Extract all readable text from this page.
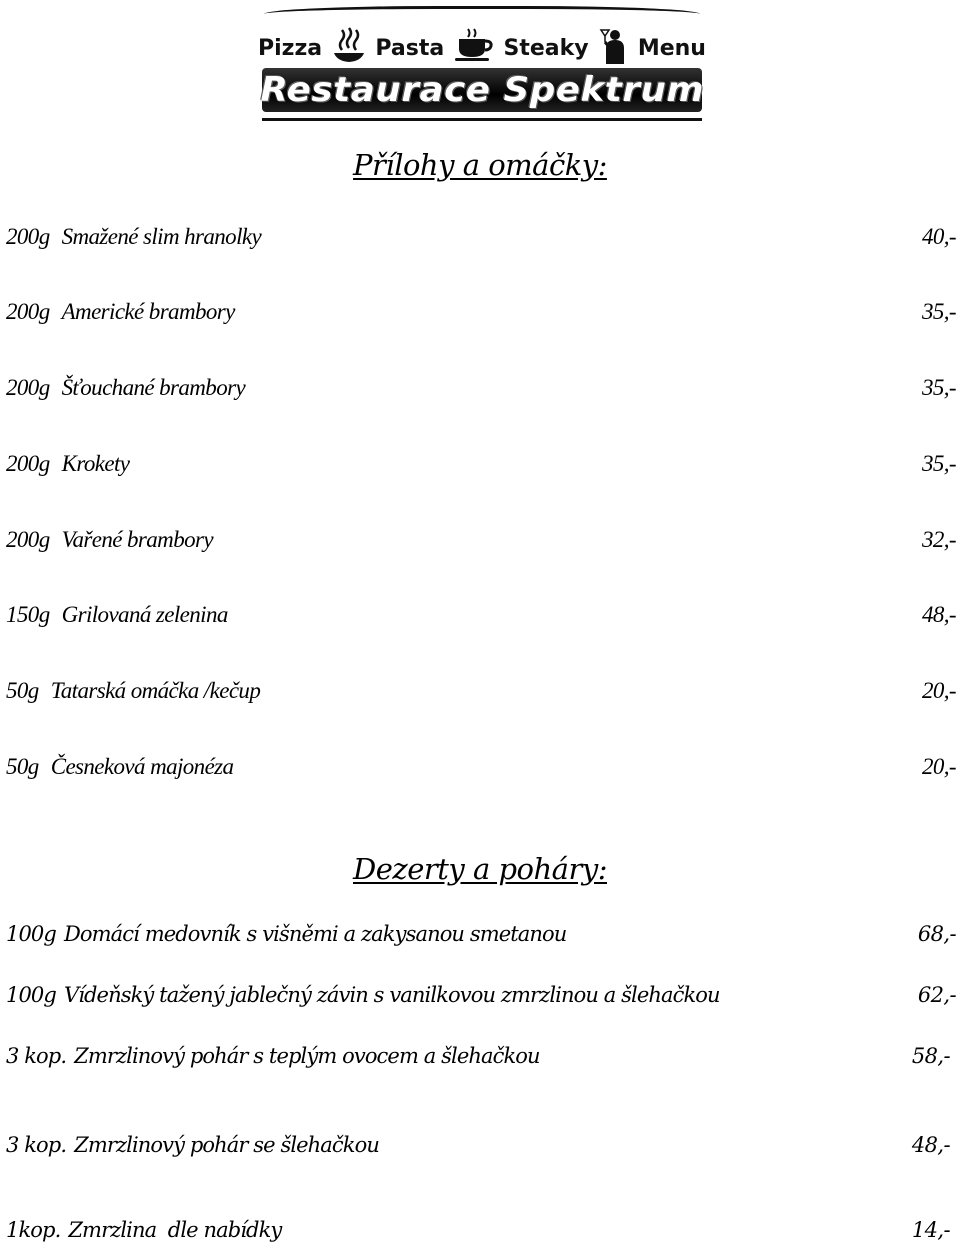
Pizza Pasta	Steaky Menu
Restaurace Spektrum
Přílohy a omáčky:
200g Smažené slim hranolky	40,-
200g Americké brambory	35,-
200g Šťouchané brambory	35,-
200g Krokety	35,-
200g Vařené brambory	32,-
150g Grilovaná zelenina	48,-
50g Tatarská omáčka /kečup	20,-
50g Česneková majonéza	20,-
Dezerty a poháry:
100g Domácí medovník s višněmi a zakysanou smetanou	68,-
100g Vídeňský tažený jablečný závin s vanilkovou zmrzlinou a šlehačkou	62,-
3 kop. Zmrzlinový pohár s teplým ovocem a šlehačkou	58,-
3 kop. Zmrzlinový pohár se šlehačkou	48,-
1kop. Zmrzlina  dle nabídky	14,-
